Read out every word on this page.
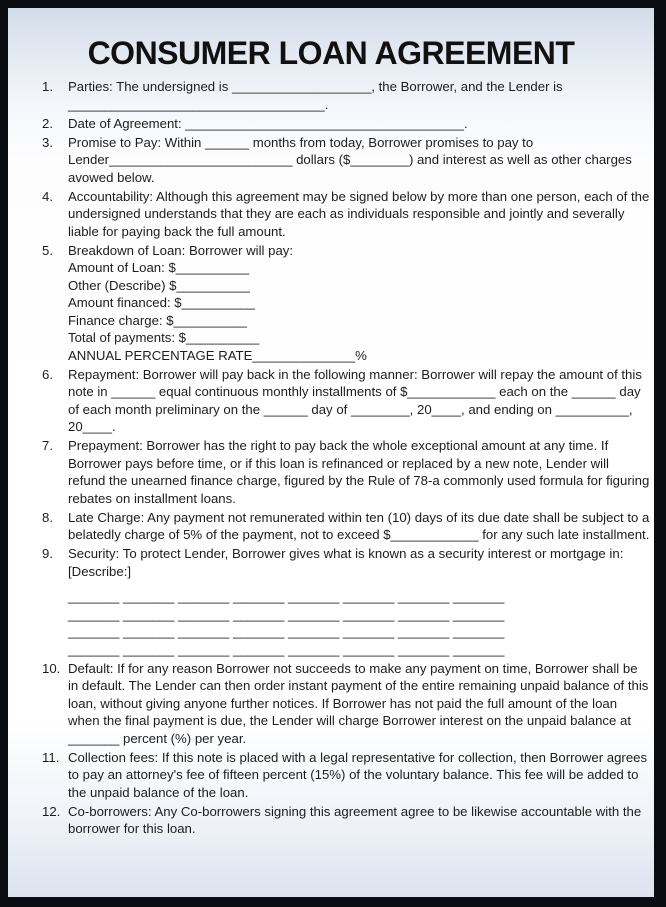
CONSUMER LOAN AGREEMENT
1.	Parties: The undersigned is ___________________, the Borrower, and the Lender is ___________________________________.

2.	Date of Agreement: ______________________________________.

3.	Promise to Pay: Within ______ months from today, Borrower promises to pay to Lender_________________________ dollars ($________) and interest as well as other charges avowed below.

4.	Accountability: Although this agreement may be signed below by more than one person, each of the undersigned understands that they are each as individuals responsible and jointly and severally liable for paying back the full amount.

5.	Breakdown of Loan: Borrower will pay:

Amount of Loan: $__________

Other (Describe) $__________

Amount financed: $__________

Finance charge: $__________

Total of payments: $__________

ANNUAL PERCENTAGE RATE______________%

6.	Repayment: Borrower will pay back in the following manner: Borrower will repay the amount of this note in ______ equal continuous monthly installments of $____________ each on the ______ day of each month preliminary on the ______ day of ________, 20____, and ending on __________, 20____.

7.	Prepayment: Borrower has the right to pay back the whole exceptional amount at any time. If Borrower pays before time, or if this loan is refinanced or replaced by a new note, Lender will refund the unearned finance charge, figured by the Rule of 78-a commonly used formula for figuring rebates on installment loans.

8.	Late Charge: Any payment not remunerated within ten (10) days of its due date shall be subject to a belatedly charge of 5% of the payment, not to exceed $____________ for any such late installment.

9.	Security: To protect Lender, Borrower gives what is known as a security interest or mortgage in:

[Describe:]

_______ _______ _______ _______ _______ _______ _______ _______

_______ _______ _______ _______ _______ _______ _______ _______

_______ _______ _______ _______ _______ _______ _______ _______

_______ _______ _______ _______ _______ _______ _______ _______

10. Default: If for any reason Borrower not succeeds to make any payment on time, Borrower shall be in default. The Lender can then order instant payment of the entire remaining unpaid balance of this loan, without giving anyone further notices. If Borrower has not paid the full amount of the loan when the final payment is due, the Lender will charge Borrower interest on the unpaid balance at _______ percent (%) per year.

11. Collection fees: If this note is placed with a legal representative for collection, then Borrower agrees to pay an attorney's fee of fifteen percent (15%) of the voluntary balance. This fee will be added to the unpaid balance of the loan.

12. Co-borrowers: Any Co-borrowers signing this agreement agree to be likewise accountable with the borrower for this loan.
